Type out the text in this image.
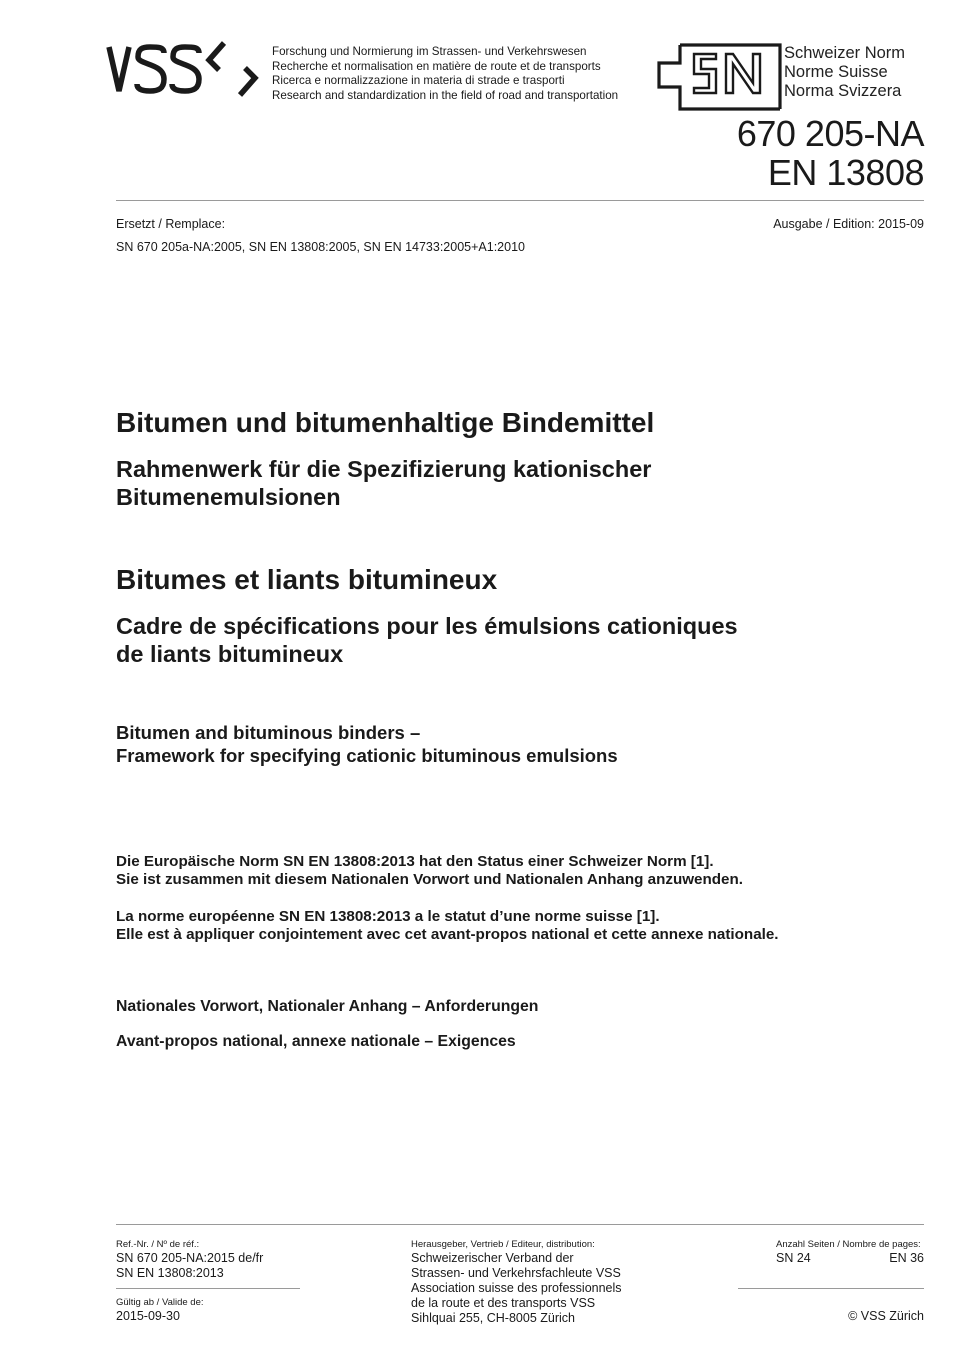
Forschung und Normierung im Strassen- und Verkehrswesen
Recherche et normalisation en matière de route et de transports
Ricerca e normalizzazione in materia di strade e trasporti
Research and standardization in the field of road and transportation
Schweizer Norm
Norme Suisse
Norma Svizzera
670 205-NA
EN 13808
Ersetzt / Remplace:	Ausgabe / Edition: 2015-09
SN 670 205a-NA:2005, SN EN 13808:2005, SN EN 14733:2005+A1:2010
Bitumen und bitumenhaltige Bindemittel
Rahmenwerk für die Spezifizierung kationischer
Bitumenemulsionen
Bitumes et liants bitumineux
Cadre de spécifications pour les émulsions cationiques
de liants bitumineux
Bitumen and bituminous binders –
Framework for specifying cationic bituminous emulsions
Die Europäische Norm SN EN 13808:2013 hat den Status einer Schweizer Norm [1].
Sie ist zusammen mit diesem Nationalen Vorwort und Nationalen Anhang anzuwenden.
La norme européenne SN EN 13808:2013 a le statut d’une norme suisse [1].
Elle est à appliquer conjointement avec cet avant-propos national et cette annexe nationale.
Nationales Vorwort, Nationaler Anhang – Anforderungen
Avant-propos national, annexe nationale – Exigences
Ref.-Nr. / Nº de réf.:
SN 670 205-NA:2015 de/fr
SN EN 13808:2013
Gültig ab / Valide de:
2015-09-30
Herausgeber, Vertrieb / Editeur, distribution:
Schweizerischer Verband der
Strassen- und Verkehrsfachleute VSS
Association suisse des professionnels
de la route et des transports VSS
Sihlquai 255, CH-8005 Zürich
Anzahl Seiten / Nombre de pages:
SN 24	EN 36
© VSS Zürich
